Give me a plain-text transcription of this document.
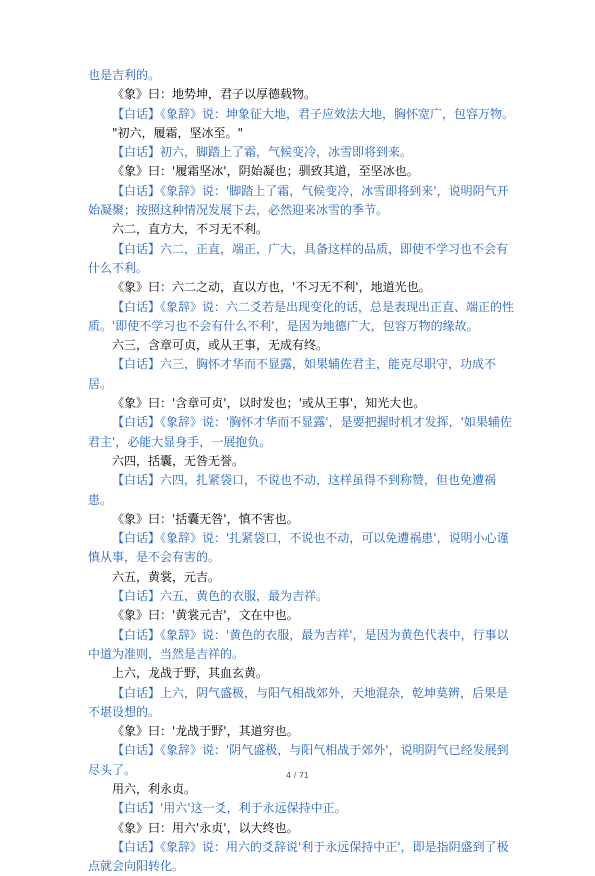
也是吉利的。

《象》曰：地势坤，君子以厚德载物。

【白话】《象辞》说：坤象征大地，君子应效法大地，胸怀宽广，包容万物。

"初六，履霜，坚冰至。"

【白话】初六，脚踏上了霜，气候变冷，冰雪即将到来。

《象》曰：'履霜坚冰'，阴始凝也；驯致其道，至坚冰也。

【白话】《象辞》说：'脚踏上了霜，气候变冷，冰雪即将到来'，说明阴气开始凝聚；按照这种情况发展下去，必然迎来冰雪的季节。

六二，直方大，不习无不利。

【白话】六二，正直，端正，广大，具备这样的品质，即使不学习也不会有什么不利。

《象》曰：六二之动，直以方也，'不习无不利'，地道光也。

【白话】《象辞》说：六二爻若是出现变化的话，总是表现出正直、端正的性质。'即使不学习也不会有什么不利'，是因为地德广大，包容万物的缘故。

六三，含章可贞，或从王事，无成有终。

【白话】六三，胸怀才华而不显露，如果辅佐君主，能克尽职守，功成不居。

《象》曰：'含章可贞'，以时发也；'或从王事'，知光大也。

【白话】《象辞》说：'胸怀才华而不显露'，是要把握时机才发挥，'如果辅佐君主'，必能大显身手，一展抱负。

六四，括囊，无咎无誉。

【白话】六四，扎紧袋口，不说也不动，这样虽得不到称赞，但也免遭祸患。

《象》曰：'括囊无咎'，慎不害也。

【白话】《象辞》说：'扎紧袋口，不说也不动，可以免遭祸患'，说明小心谨慎从事，是不会有害的。

六五，黄裳，元吉。

【白话】六五，黄色的衣服，最为吉祥。

《象》曰：'黄裳元吉'，文在中也。

【白话】《象辞》说：'黄色的衣服，最为吉祥'，是因为黄色代表中，行事以中道为准则，当然是吉祥的。

上六，龙战于野，其血玄黄。

【白话】上六，阴气盛极，与阳气相战郊外，天地混杂，乾坤莫辨，后果是不堪设想的。

《象》曰：'龙战于野'，其道穷也。

【白话】《象辞》说：'阴气盛极，与阳气相战于郊外'，说明阴气已经发展到尽头了。

用六，利永贞。

【白话】'用六'这一爻，利于永远保持中正。

《象》曰：用六'永贞'，以大终也。

【白话】《象辞》说：用六的爻辞说'利于永远保持中正'，即是指阴盛到了极点就会向阳转化。

4 / 71
